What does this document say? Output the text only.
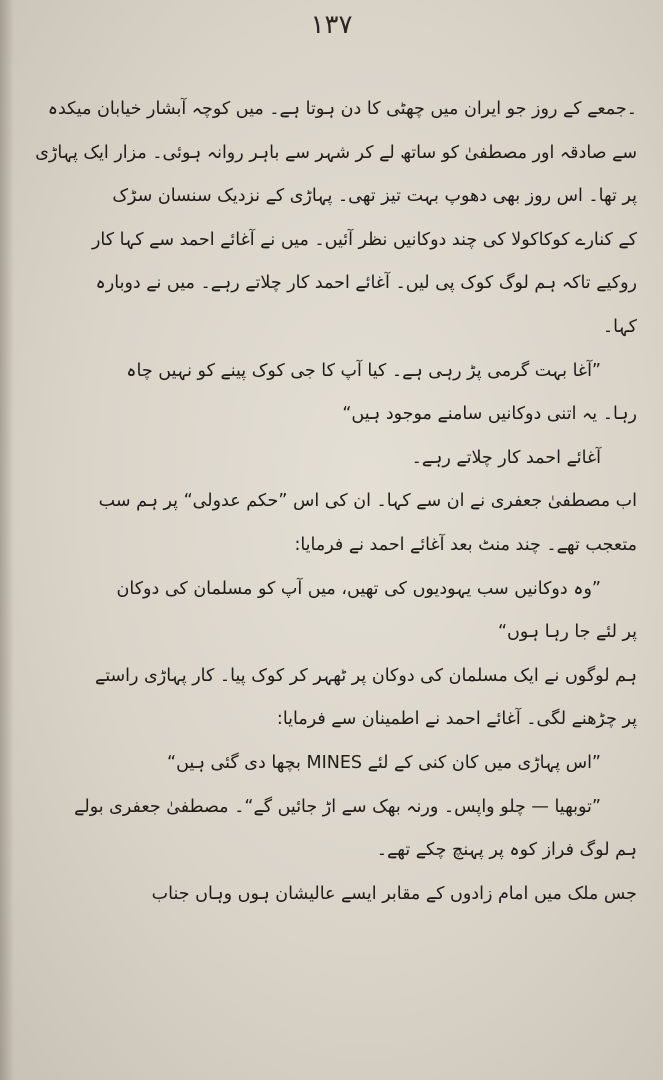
۱۳۷
۔جمعے کے روز جو ایران میں چھٹی کا دن ہوتا ہے۔ میں کوچہ آبشار خیابان میکدہ
سے صادقہ اور مصطفیٰ کو ساتھ لے کر شہر سے باہر روانہ ہوئی۔ مزار ایک پہاڑی
پر تھا۔ اس روز بھی دھوپ بہت تیز تھی۔ پہاڑی کے نزدیک سنسان سڑک
کے کنارے کوکاکولا کی چند دوکانیں نظر آئیں۔ میں نے آغائے احمد سے کہا کار
روکیے تاکہ ہم لوگ کوک پی لیں۔ آغائے احمد کار چلاتے رہے۔ میں نے دوبارہ
کہا۔
”آغا بہت گرمی پڑ رہی ہے۔ کیا آپ کا جی کوک پینے کو نہیں چاہ
رہا۔ یہ اتنی دوکانیں سامنے موجود ہیں“
آغائے احمد کار چلاتے رہے۔
اب مصطفیٰ جعفری نے ان سے کہا۔ ان کی اس ”حکم عدولی“ پر ہم سب
متعجب تھے۔ چند منٹ بعد آغائے احمد نے فرمایا:
”وہ دوکانیں سب یہودیوں کی تھیں، میں آپ کو مسلمان کی دوکان
پر لئے جا رہا ہوں“
ہم لوگوں نے ایک مسلمان کی دوکان پر ٹھہر کر کوک پیا۔ کار پہاڑی راستے
پر چڑھنے لگی۔ آغائے احمد نے اطمینان سے فرمایا:
”اس پہاڑی میں کان کنی کے لئے MINES بچھا دی گئی ہیں“
”توبھیا — چلو واپس۔ ورنہ بھک سے اڑ جائیں گے“۔ مصطفیٰ جعفری بولے
ہم لوگ فراز کوہ پر پہنچ چکے تھے۔
جس ملک میں امام زادوں کے مقابر ایسے عالیشان ہوں وہاں جناب
